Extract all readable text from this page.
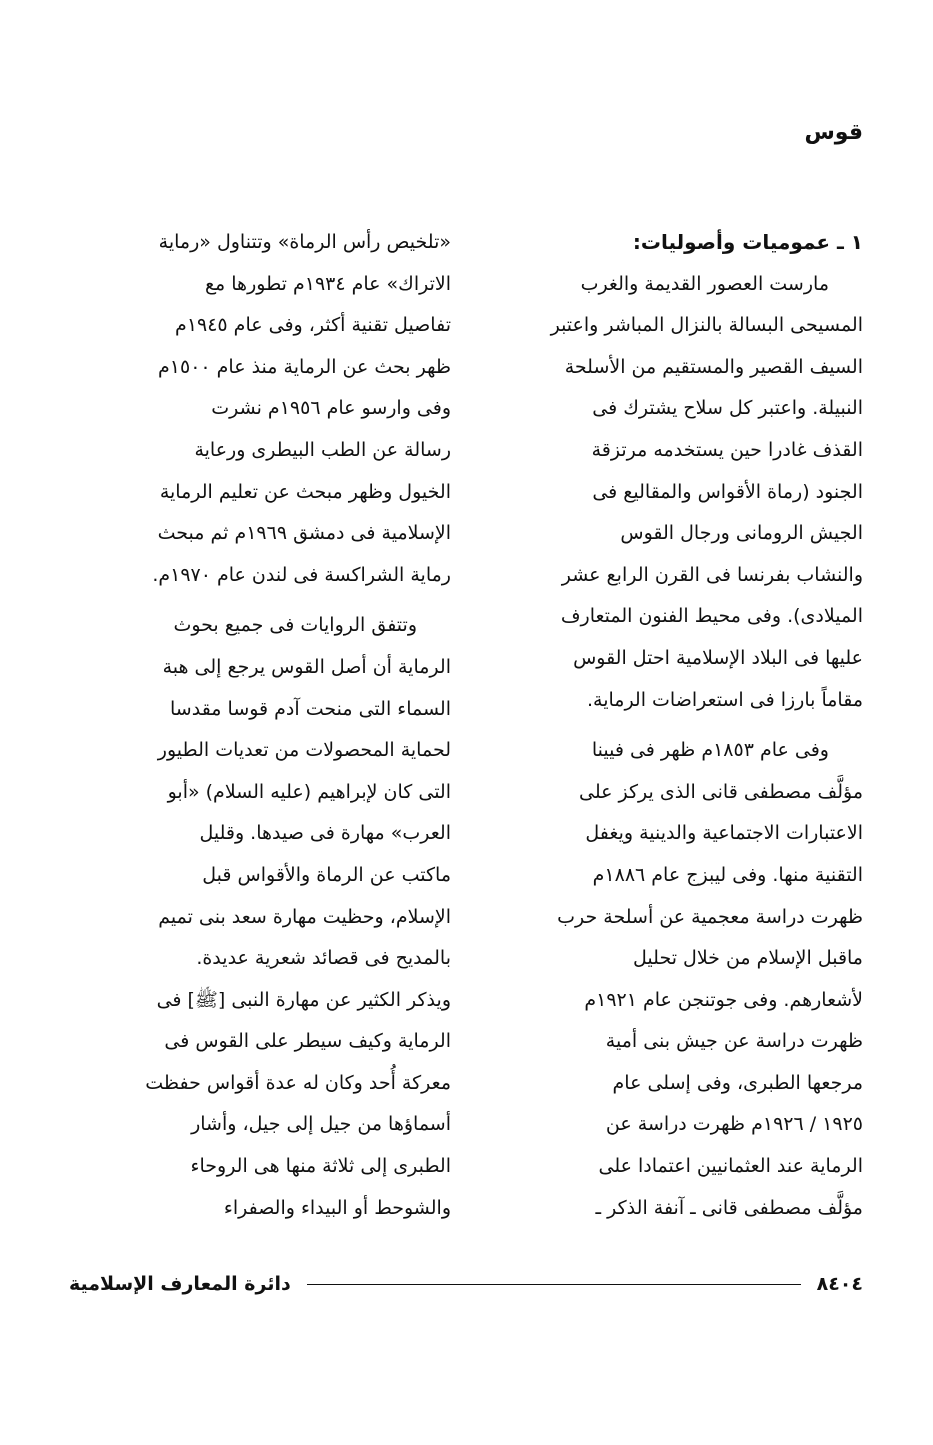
قوس
١ ـ عموميات وأصوليات:

مارست العصور القديمة والغرب
المسيحى البسالة بالنزال المباشر واعتبر
السيف القصير والمستقيم من الأسلحة
النبيلة. واعتبر كل سلاح يشترك فى
القذف غادرا حين يستخدمه مرتزقة
الجنود (رماة الأقواس والمقاليع فى
الجيش الرومانى ورجال القوس
والنشاب بفرنسا فى القرن الرابع عشر
الميلادى). وفى محيط الفنون المتعارف
عليها فى البلاد الإسلامية احتل القوس
مقاماً بارزا فى استعراضات الرماية.

وفى عام ١٨٥٣م ظهر فى فيينا
مؤلَّف مصطفى قانى الذى يركز على
الاعتبارات الاجتماعية والدينية ويغفل
التقنية منها. وفى ليبزج عام ١٨٨٦م
ظهرت دراسة معجمية عن أسلحة حرب
ماقبل الإسلام من خلال تحليل
لأشعارهم. وفى جوتنجن عام ١٩٢١م
ظهرت دراسة عن جيش بنى أمية
مرجعها الطبرى، وفى إسلى عام
١٩٢٥ / ١٩٢٦م ظهرت دراسة عن
الرماية عند العثمانيين اعتمادا على
مؤلَّف مصطفى قانى ـ آنفة الذكر ـ

«تلخيص رأس الرماة» وتتناول «رماية
الاتراك» عام ١٩٣٤م تطورها مع
تفاصيل تقنية أكثر، وفى عام ١٩٤٥م
ظهر بحث عن الرماية منذ عام ١٥٠٠م
وفى وارسو عام ١٩٥٦م نشرت
رسالة عن الطب البيطرى ورعاية
الخيول وظهر مبحث عن تعليم الرماية
الإسلامية فى دمشق ١٩٦٩م ثم مبحث
رماية الشراكسة فى لندن عام ١٩٧٠م.

وتتفق الروايات فى جميع بحوث
الرماية أن أصل القوس يرجع إلى هبة
السماء التى منحت آدم قوسا مقدسا
لحماية المحصولات من تعديات الطيور
التى كان لإبراهيم (عليه السلام) «أبو
العرب» مهارة فى صيدها. وقليل
ماكتب عن الرماة والأقواس قبل
الإسلام، وحظيت مهارة سعد بنى تميم
بالمديح فى قصائد شعرية عديدة.
ويذكر الكثير عن مهارة النبى [ﷺ] فى
الرماية وكيف سيطر على القوس فى
معركة أُحد وكان له عدة أقواس حفظت
أسماؤها من جيل إلى جيل، وأشار
الطبرى إلى ثلاثة منها هى الروحاء
والشوحط أو البيداء والصفراء

٨٤٠٤
دائرة المعارف الإسلامية
